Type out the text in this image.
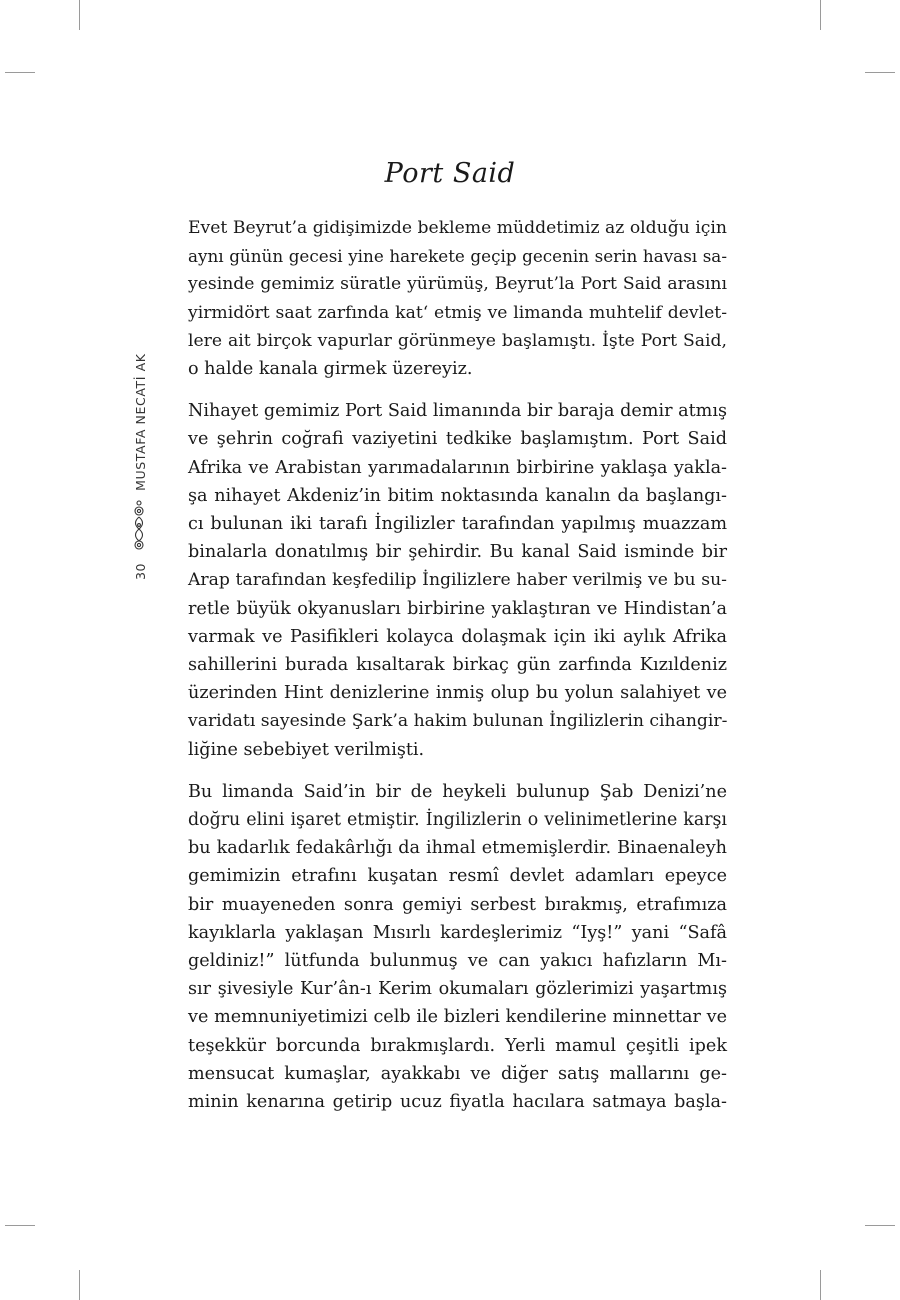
30
MUSTAFA NECATİ AK
Port Said

Evet Beyrut’a gidişimizde bekleme müddetimiz az olduğu için
aynı günün gecesi yine harekete geçip gecenin serin havası sa-
yesinde gemimiz süratle yürümüş, Beyrut’la Port Said arasını
yirmidört saat zarfında kat‘ etmiş ve limanda muhtelif devlet-
lere ait birçok vapurlar görünmeye başlamıştı. İşte Port Said,
o halde kanala girmek üzereyiz.

Nihayet gemimiz Port Said limanında bir baraja demir atmış
ve şehrin coğrafi vaziyetini tedkike başlamıştım. Port Said
Afrika ve Arabistan yarımadalarının birbirine yaklaşa yakla-
şa nihayet Akdeniz’in bitim noktasında kanalın da başlangı-
cı bulunan iki tarafı İngilizler tarafından yapılmış muazzam
binalarla donatılmış bir şehirdir. Bu kanal Said isminde bir
Arap tarafından keşfedilip İngilizlere haber verilmiş ve bu su-
retle büyük okyanusları birbirine yaklaştıran ve Hindistan’a
varmak ve Pasifikleri kolayca dolaşmak için iki aylık Afrika
sahillerini burada kısaltarak birkaç gün zarfında Kızıldeniz
üzerinden Hint denizlerine inmiş olup bu yolun salahiyet ve
varidatı sayesinde Şark’a hakim bulunan İngilizlerin cihangir-
liğine sebebiyet verilmişti.

Bu limanda Said’in bir de heykeli bulunup Şab Denizi’ne
doğru elini işaret etmiştir. İngilizlerin o velinimetlerine karşı
bu kadarlık fedakârlığı da ihmal etmemişlerdir. Binaenaleyh
gemimizin etrafını kuşatan resmî devlet adamları epeyce
bir muayeneden sonra gemiyi serbest bırakmış, etrafımıza
kayıklarla yaklaşan Mısırlı kardeşlerimiz “Iyş!” yani “Safâ
geldiniz!” lütfunda bulunmuş ve can yakıcı hafızların Mı-
sır şivesiyle Kur’ân-ı Kerim okumaları gözlerimizi yaşartmış
ve memnuniyetimizi celb ile bizleri kendilerine minnettar ve
teşekkür borcunda bırakmışlardı. Yerli mamul çeşitli ipek
mensucat kumaşlar, ayakkabı ve diğer satış mallarını ge-
minin kenarına getirip ucuz fiyatla hacılara satmaya başla-
